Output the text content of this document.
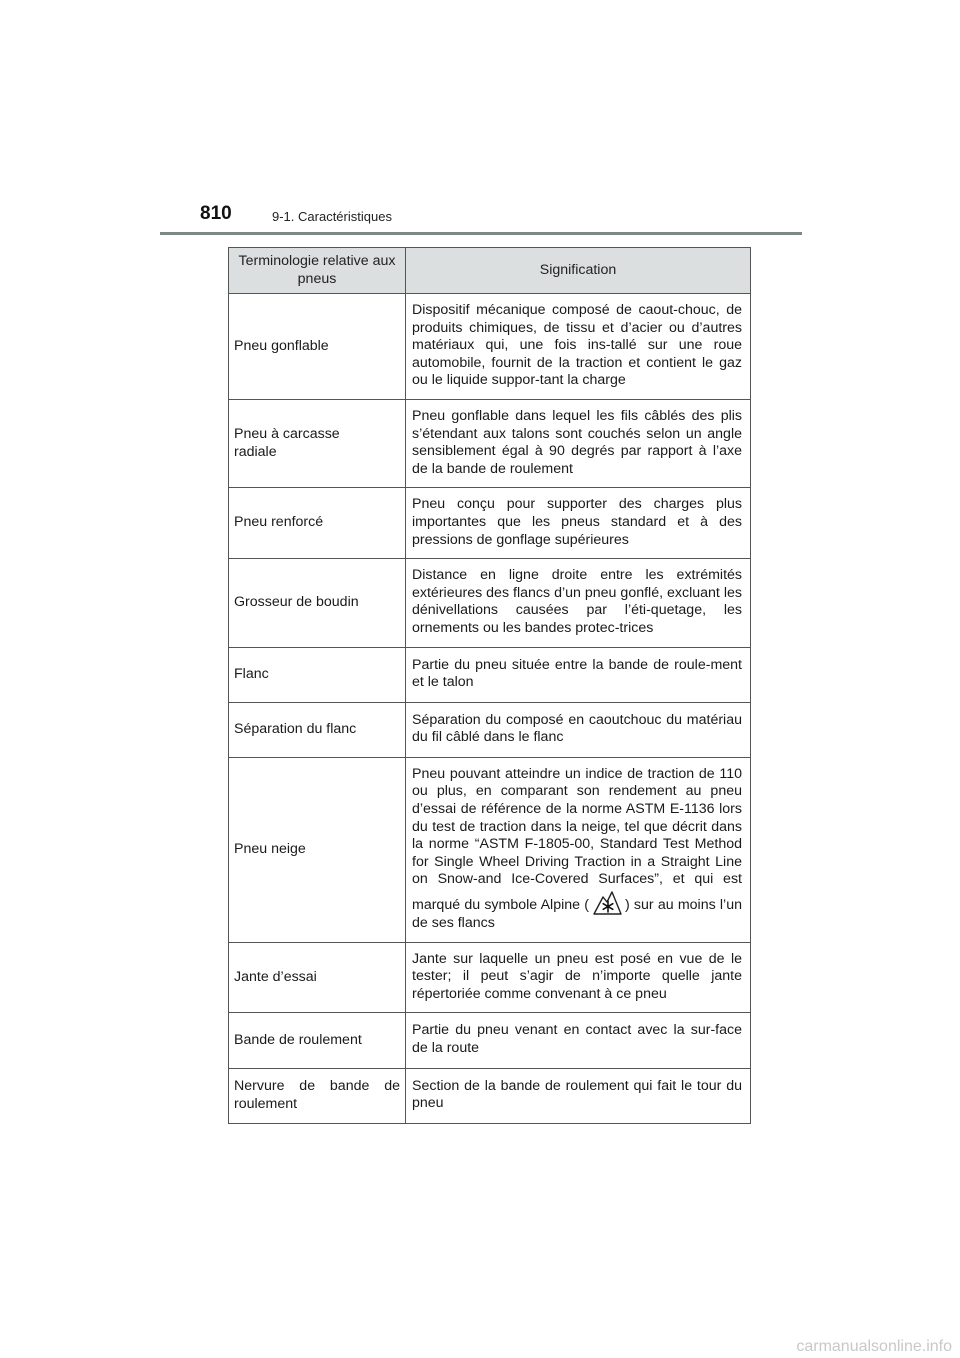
810	9-1. Caractéristiques
Terminologie relative aux pneus	Signification
Pneu gonflable	Dispositif mécanique composé de caout-chouc, de produits chimiques, de tissu et d’acier ou d’autres matériaux qui, une fois ins-tallé sur une roue automobile, fournit de la traction et contient le gaz ou le liquide suppor-tant la charge
Pneu à carcasse radiale	Pneu gonflable dans lequel les fils câblés des plis s’étendant aux talons sont couchés selon un angle sensiblement égal à 90 degrés par rapport à l’axe de la bande de roulement
Pneu renforcé	Pneu conçu pour supporter des charges plus importantes que les pneus standard et à des pressions de gonflage supérieures
Grosseur de boudin	Distance en ligne droite entre les extrémités extérieures des flancs d’un pneu gonflé, excluant les dénivellations causées par l’éti-quetage, les ornements ou les bandes protec-trices
Flanc	Partie du pneu située entre la bande de roule-ment et le talon
Séparation du flanc	Séparation du composé en caoutchouc du matériau du fil câblé dans le flanc
Pneu neige	Pneu pouvant atteindre un indice de traction de 110 ou plus, en comparant son rendement au pneu d’essai de référence de la norme ASTM E-1136 lors du test de traction dans la neige, tel que décrit dans la norme “ASTM F-1805-00, Standard Test Method for Single Wheel Driving Traction in a Straight Line on Snow-and Ice-Covered Surfaces”, et qui est marqué du symbole Alpine ( ) sur au moins l’un de ses flancs
Jante d’essai	Jante sur laquelle un pneu est posé en vue de le tester; il peut s’agir de n’importe quelle jante répertoriée comme convenant à ce pneu
Bande de roulement	Partie du pneu venant en contact avec la sur-face de la route
Nervure de bande de roulement	Section de la bande de roulement qui fait le tour du pneu
carmanualsonline.info
